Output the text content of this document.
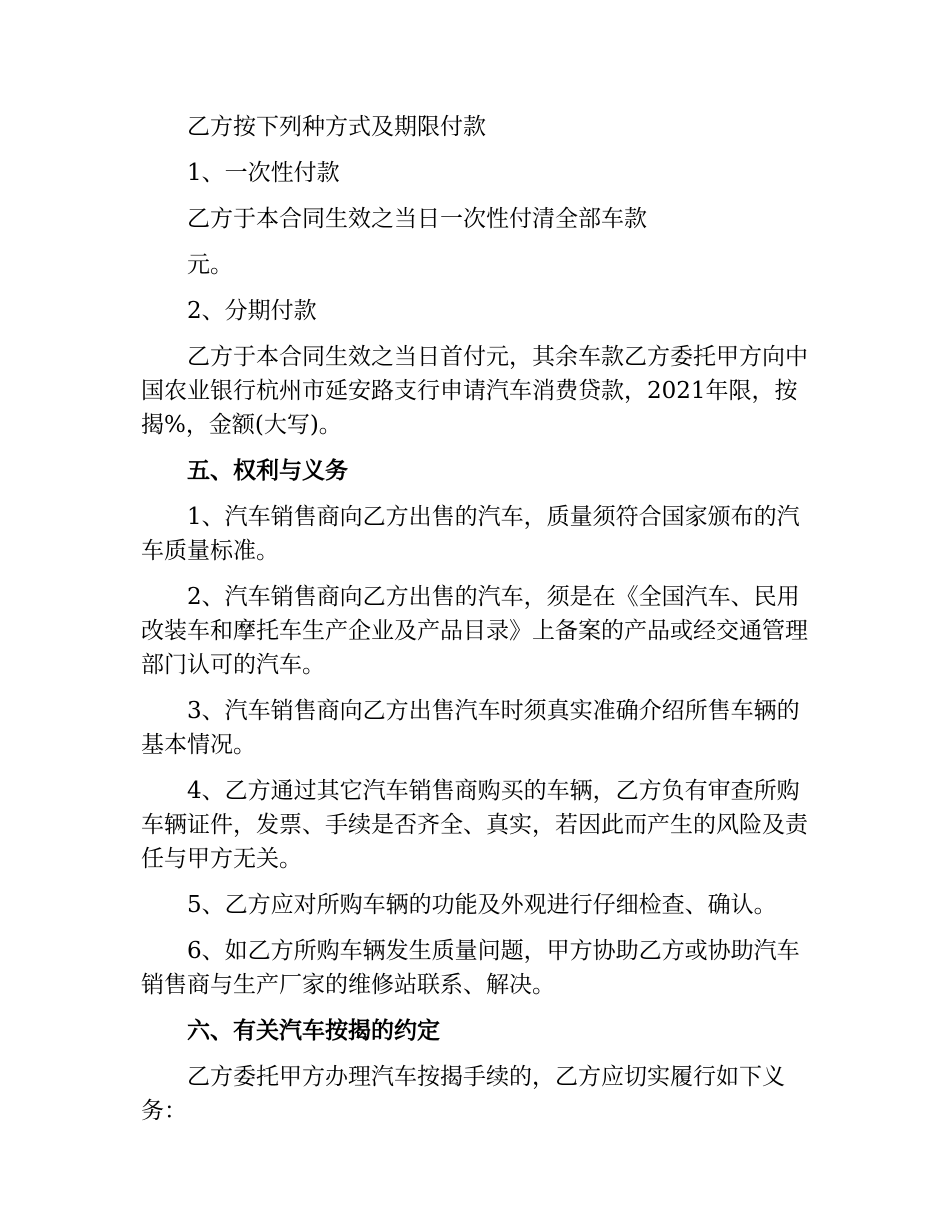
乙方按下列种方式及期限付款

1、一次性付款

乙方于本合同生效之当日一次性付清全部车款

元。

2、分期付款

乙方于本合同生效之当日首付元，其余车款乙方委托甲方向中国农业银行杭州市延安路支行申请汽车消费贷款，2021年限，按揭%，金额(大写)。

五、权利与义务

1、汽车销售商向乙方出售的汽车，质量须符合国家颁布的汽车质量标准。

2、汽车销售商向乙方出售的汽车，须是在《全国汽车、民用改装车和摩托车生产企业及产品目录》上备案的产品或经交通管理部门认可的汽车。

3、汽车销售商向乙方出售汽车时须真实准确介绍所售车辆的基本情况。

4、乙方通过其它汽车销售商购买的车辆，乙方负有审查所购车辆证件，发票、手续是否齐全、真实，若因此而产生的风险及责任与甲方无关。

5、乙方应对所购车辆的功能及外观进行仔细检查、确认。

6、如乙方所购车辆发生质量问题，甲方协助乙方或协助汽车销售商与生产厂家的维修站联系、解决。

六、有关汽车按揭的约定

乙方委托甲方办理汽车按揭手续的，乙方应切实履行如下义务：
